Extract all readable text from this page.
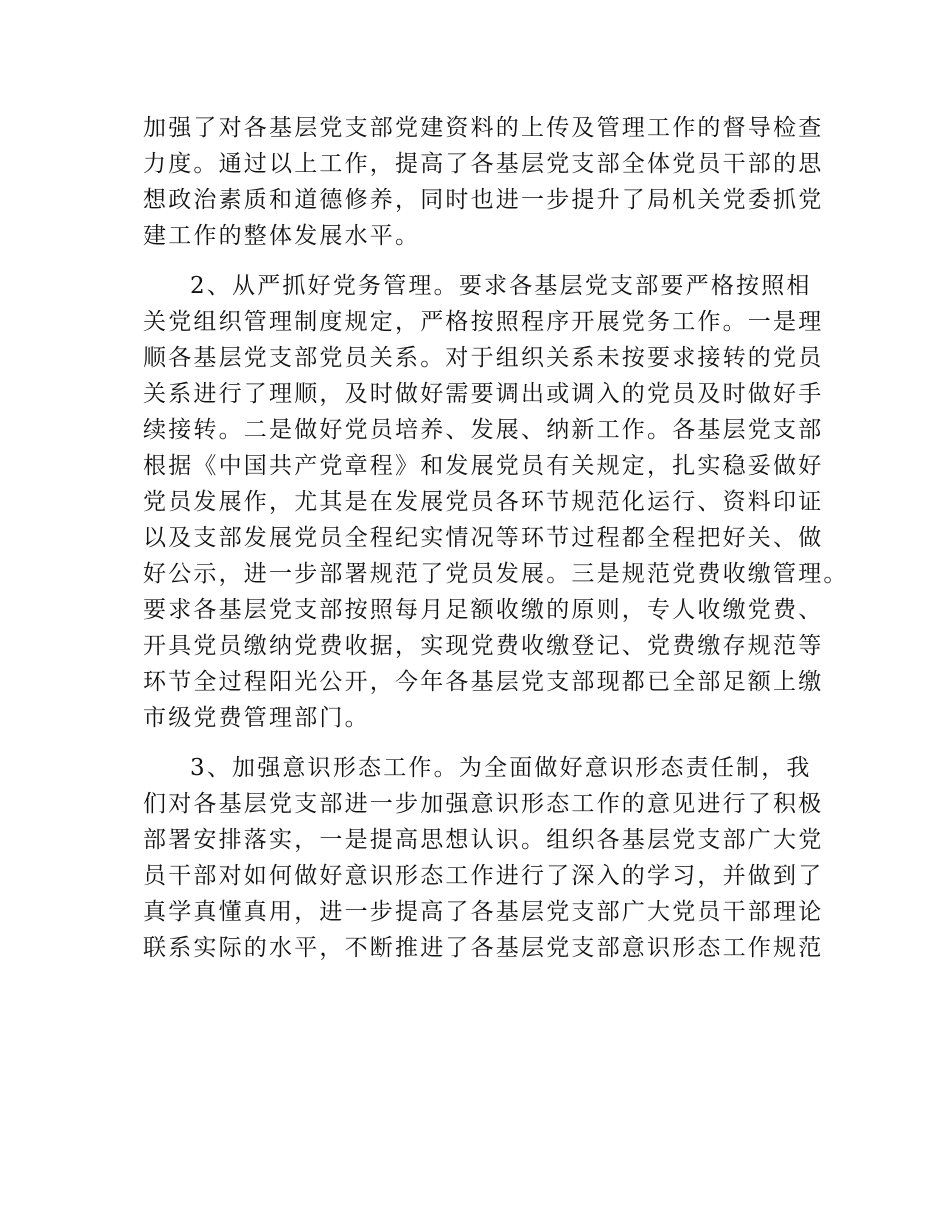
加强了对各基层党支部党建资料的上传及管理工作的督导检查
力度。通过以上工作，提高了各基层党支部全体党员干部的思
想政治素质和道德修养，同时也进一步提升了局机关党委抓党
建工作的整体发展水平。
2、从严抓好党务管理。要求各基层党支部要严格按照相
关党组织管理制度规定，严格按照程序开展党务工作。一是理
顺各基层党支部党员关系。对于组织关系未按要求接转的党员
关系进行了理顺，及时做好需要调出或调入的党员及时做好手
续接转。二是做好党员培养、发展、纳新工作。各基层党支部
根据《中国共产党章程》和发展党员有关规定，扎实稳妥做好
党员发展作，尤其是在发展党员各环节规范化运行、资料印证
以及支部发展党员全程纪实情况等环节过程都全程把好关、做
好公示，进一步部署规范了党员发展。三是规范党费收缴管理。
要求各基层党支部按照每月足额收缴的原则，专人收缴党费、
开具党员缴纳党费收据，实现党费收缴登记、党费缴存规范等
环节全过程阳光公开，今年各基层党支部现都已全部足额上缴
市级党费管理部门。
3、加强意识形态工作。为全面做好意识形态责任制，我
们对各基层党支部进一步加强意识形态工作的意见进行了积极
部署安排落实，一是提高思想认识。组织各基层党支部广大党
员干部对如何做好意识形态工作进行了深入的学习，并做到了
真学真懂真用，进一步提高了各基层党支部广大党员干部理论
联系实际的水平，不断推进了各基层党支部意识形态工作规范
